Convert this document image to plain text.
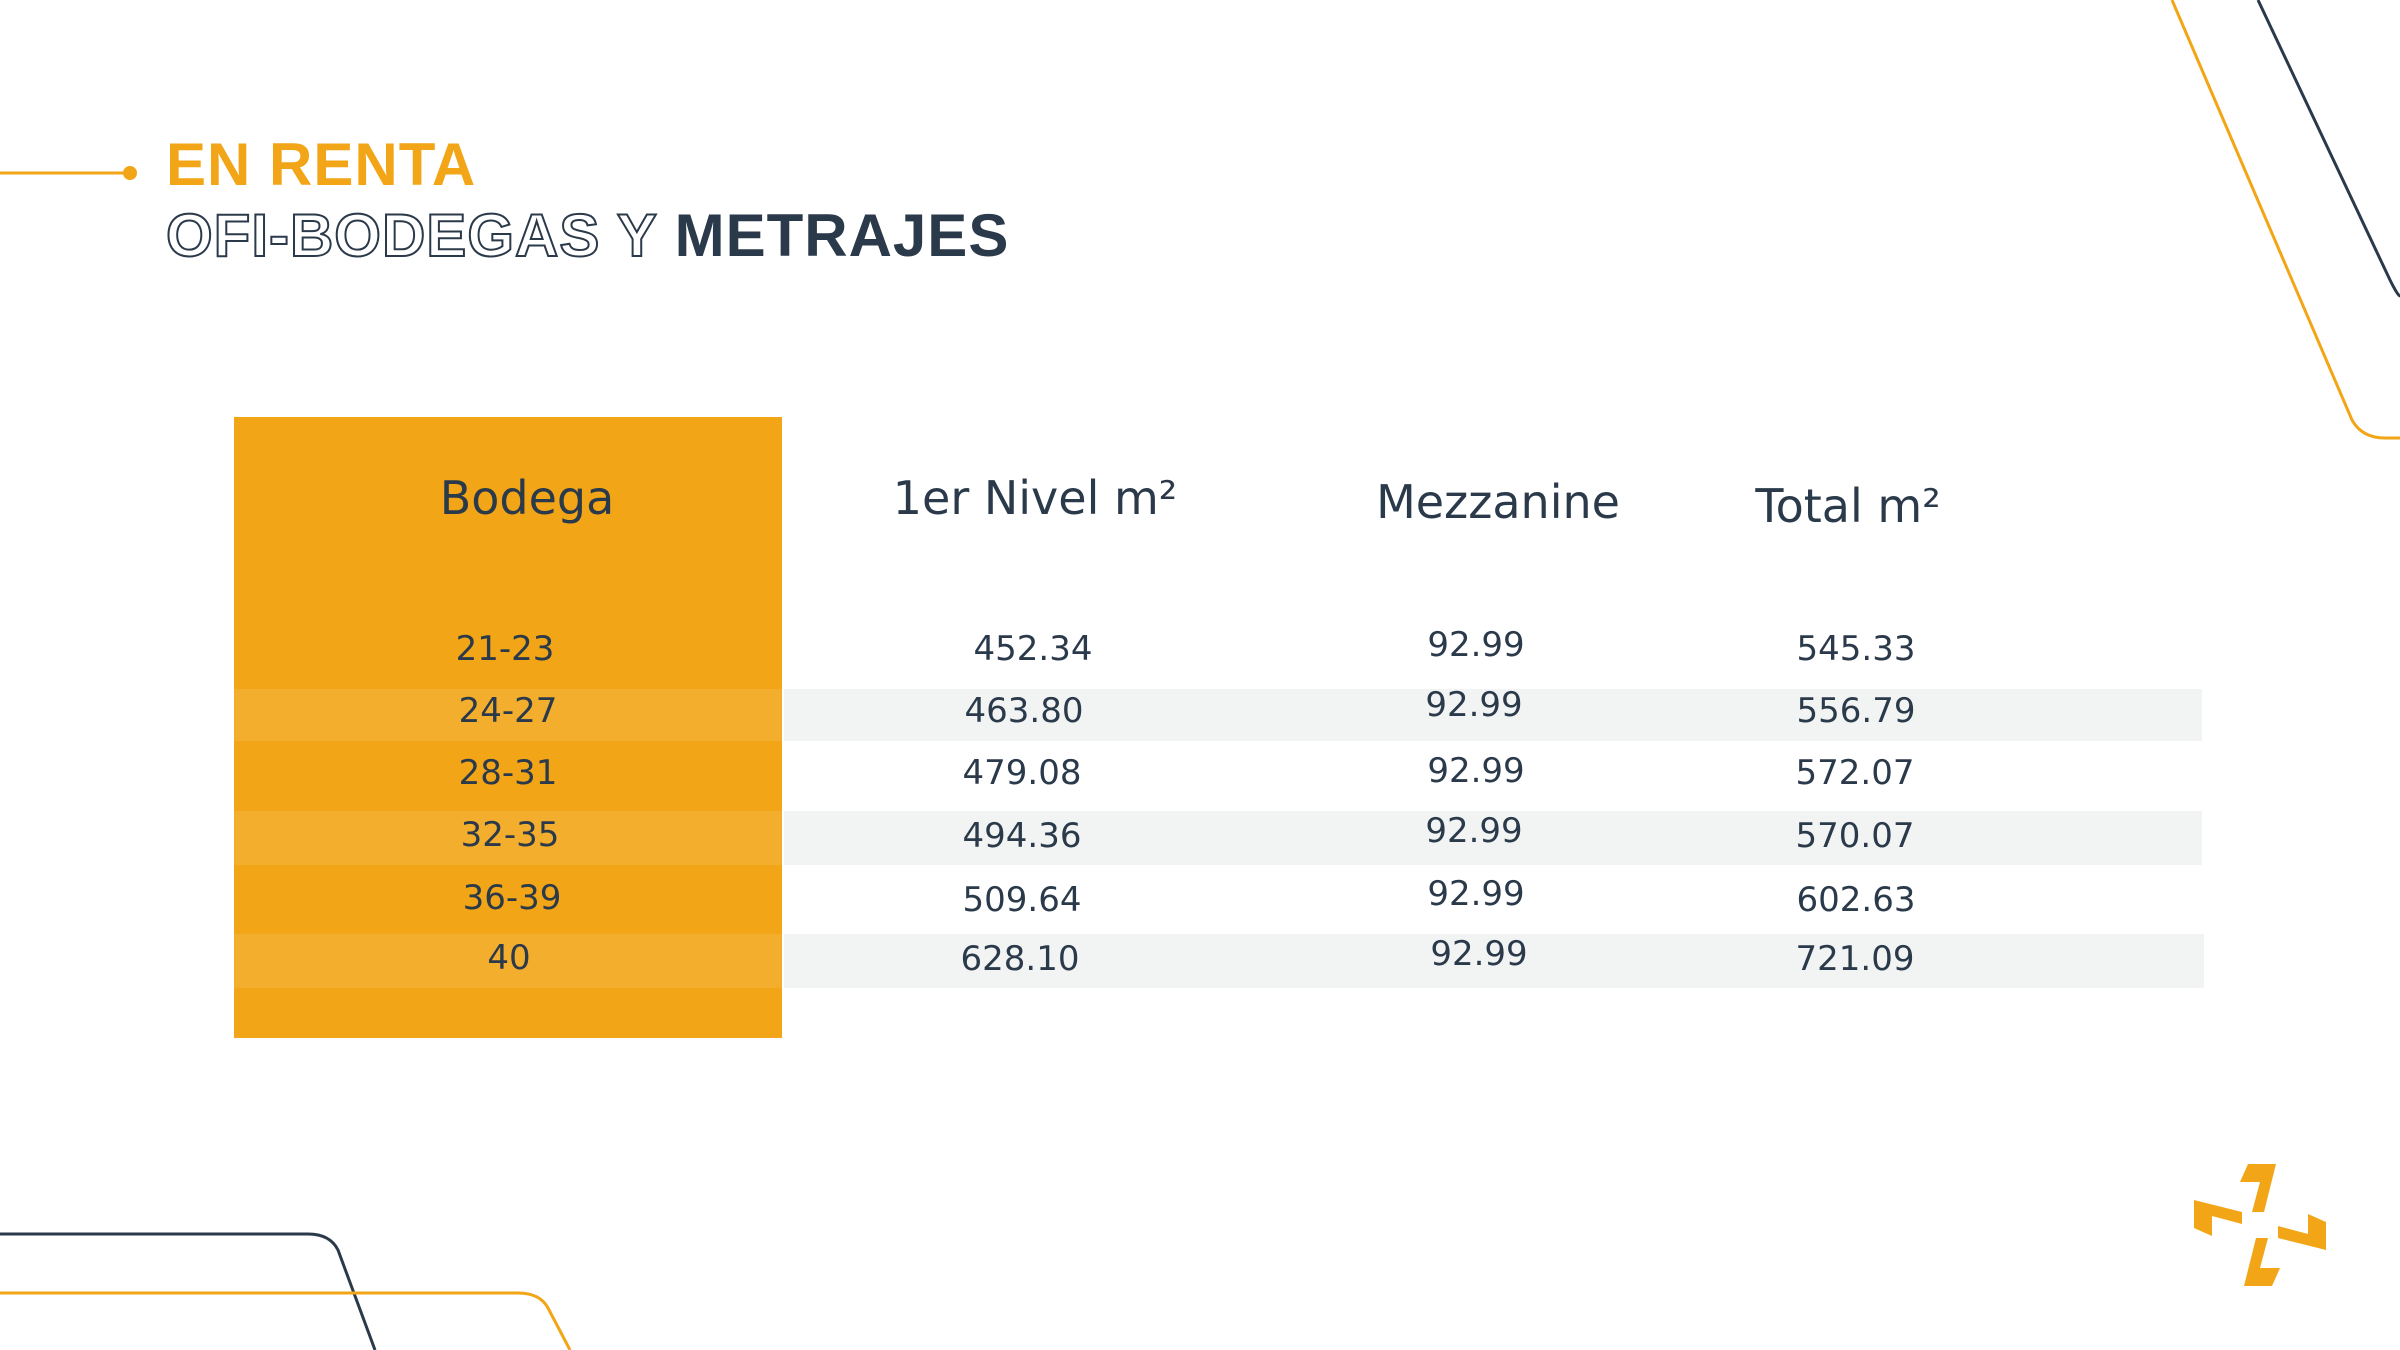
EN RENTA
OFI-BODEGAS Y METRAJES
Bodega	1er Nivel m²	Mezzanine	Total m²
21-23	452.34	92.99	545.33
24-27	463.80	92.99	556.79
28-31	479.08	92.99	572.07
32-35	494.36	92.99	570.07
36-39	509.64	92.99	602.63
40	628.10	92.99	721.09
